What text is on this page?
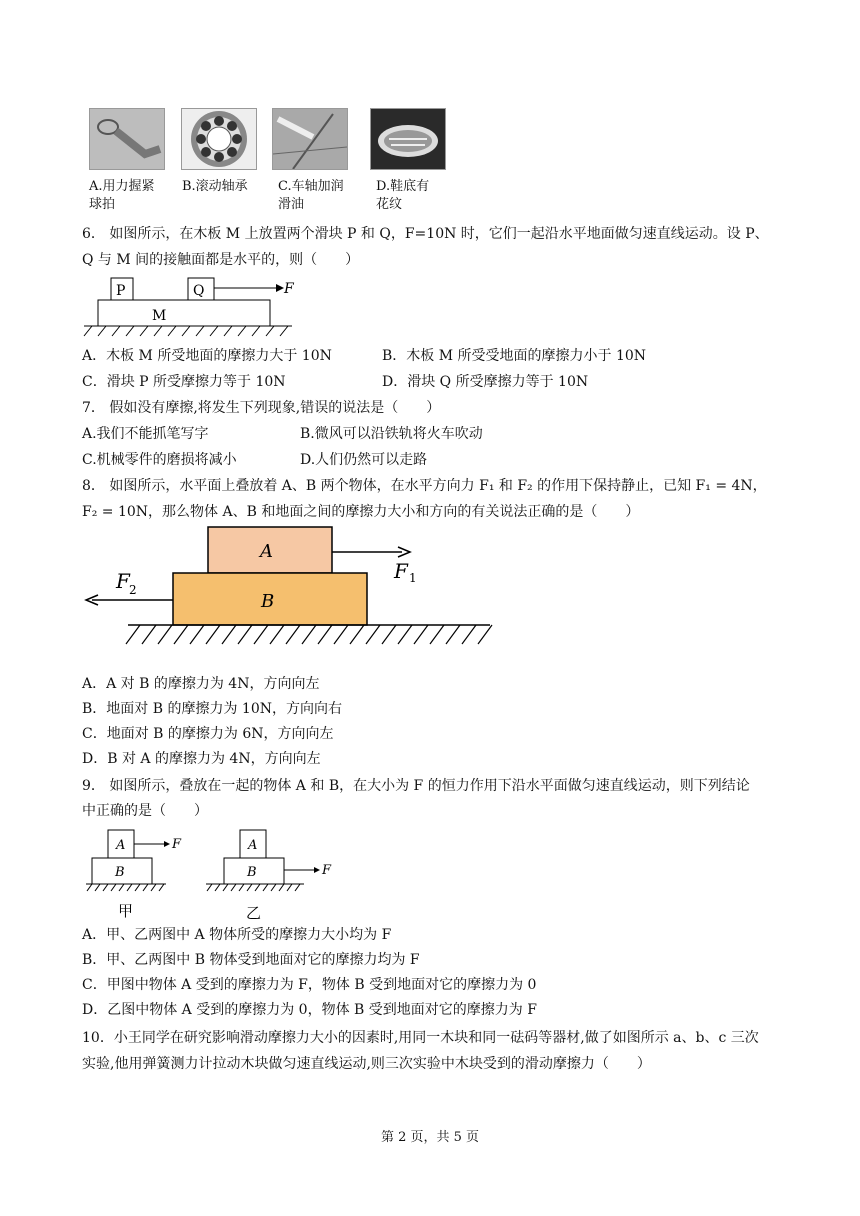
A.用力握紧
球拍
B.滚动轴承	C.车轴加润
滑油
D.鞋底有
花纹
6． 如图所示，在木板 M 上放置两个滑块 P 和 Q，F=10N 时，它们一起沿水平地面做匀速直线运动。设 P、
Q 与 M 间的接触面都是水平的，则（　　）
P	Q
M
F
A．木板 M 所受地面的摩擦力大于 10N	B．木板 M 所受受地面的摩擦力小于 10N
C．滑块 P 所受摩擦力等于 10N	D．滑块 Q 所受摩擦力等于 10N
7． 假如没有摩擦,将发生下列现象,错误的说法是（　　）
A.我们不能抓笔写字	B.微风可以沿铁轨将火车吹动
C.机械零件的磨损将减小	D.人们仍然可以走路
8． 如图所示，水平面上叠放着 A、B 两个物体，在水平方向力 F₁ 和 F₂ 的作用下保持静止，已知 F₁ = 4N，
F₂ = 10N，那么物体 A、B 和地面之间的摩擦力大小和方向的有关说法正确的是（　　）
A
B
F 1
F 2
A．A 对 B 的摩擦力为 4N，方向向左
B．地面对 B 的摩擦力为 10N，方向向右
C．地面对 B 的摩擦力为 6N，方向向左
D．B 对 A 的摩擦力为 4N，方向向左
9． 如图所示，叠放在一起的物体 A 和 B，在大小为 F 的恒力作用下沿水平面做匀速直线运动，则下列结论
中正确的是（　　）
A
B
F
甲
A
B	F
乙
A．甲、乙两图中 A 物体所受的摩擦力大小均为 F
B．甲、乙两图中 B 物体受到地面对它的摩擦力均为 F
C．甲图中物体 A 受到的摩擦力为 F，物体 B 受到地面对它的摩擦力为 0
D．乙图中物体 A 受到的摩擦力为 0，物体 B 受到地面对它的摩擦力为 F
10．小王同学在研究影响滑动摩擦力大小的因素时,用同一木块和同一砝码等器材,做了如图所示 a、b、c 三次
实验,他用弹簧测力计拉动木块做匀速直线运动,则三次实验中木块受到的滑动摩擦力（　　）
第 2 页，共 5 页
